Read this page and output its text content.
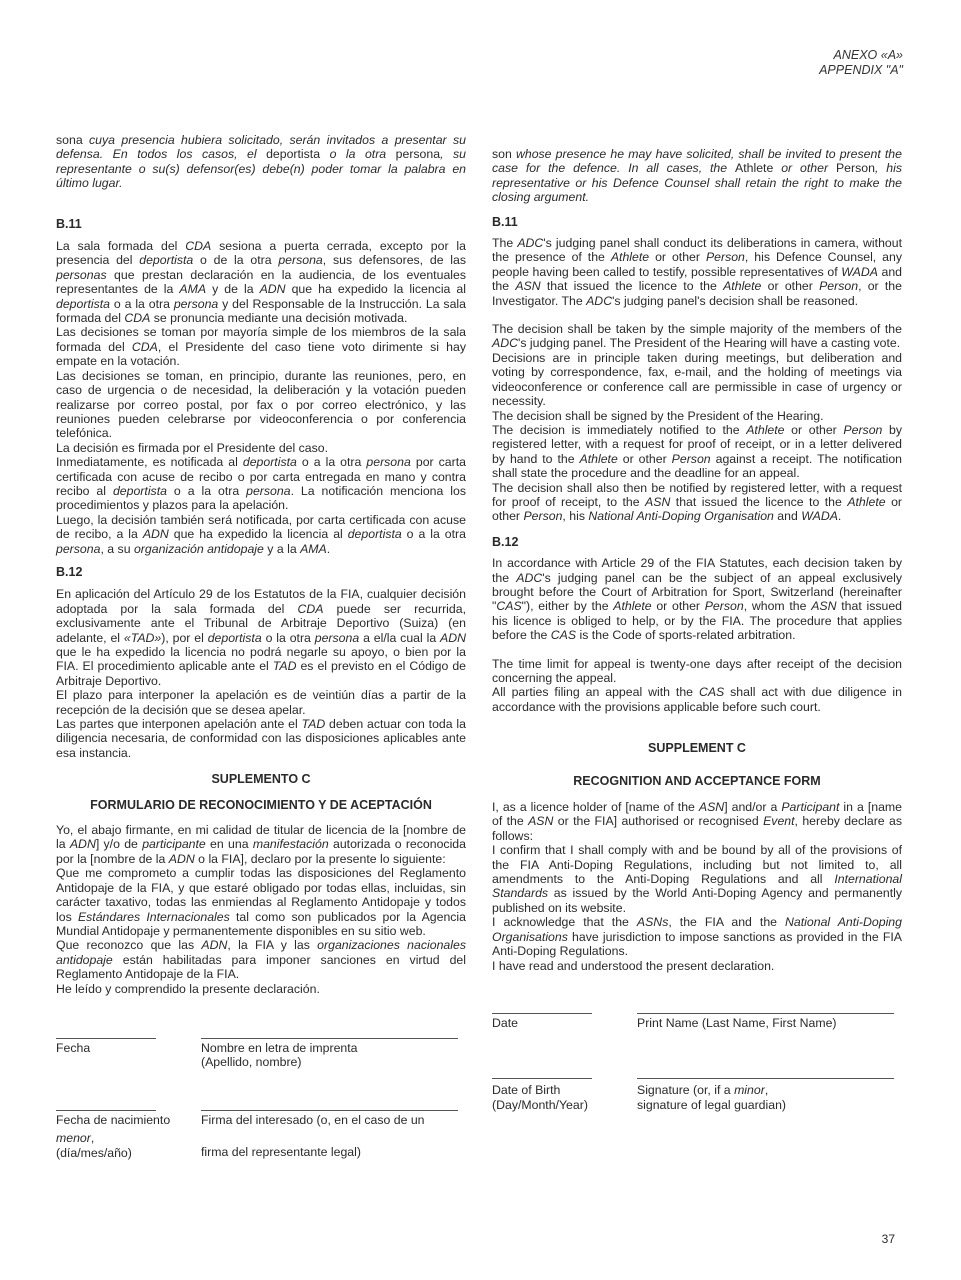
ANEXO «A»
APPENDIX "A"

sona cuya presencia hubiera solicitado, serán invitados a presentar su defensa. En todos los casos, el deportista o la otra persona, su representante o su(s) defensor(es) debe(n) poder tomar la palabra en último lugar.

B.11

La sala formada del CDA sesiona a puerta cerrada, excepto por la presencia del deportista o de la otra persona, sus defensores, de las personas que prestan declaración en la audiencia, de los eventuales representantes de la AMA y de la ADN que ha expedido la licencia al deportista o a la otra persona y del Responsable de la Instrucción. La sala formada del CDA se pronuncia mediante una decisión motivada.

Las decisiones se toman por mayoría simple de los miembros de la sala formada del CDA, el Presidente del caso tiene voto dirimente si hay empate en la votación.

Las decisiones se toman, en principio, durante las reuniones, pero, en caso de urgencia o de necesidad, la deliberación y la votación pueden realizarse por correo postal, por fax o por correo electrónico, y las reuniones pueden celebrarse por videoconferencia o por conferencia telefónica.

La decisión es firmada por el Presidente del caso.

Inmediatamente, es notificada al deportista o a la otra persona por carta certificada con acuse de recibo o por carta entregada en mano y contra recibo al deportista o a la otra persona. La notificación menciona los procedimientos y plazos para la apelación.

Luego, la decisión también será notificada, por carta certificada con acuse de recibo, a la ADN que ha expedido la licencia al deportista o a la otra persona, a su organización antidopaje y a la AMA.

B.12

En aplicación del Artículo 29 de los Estatutos de la FIA, cualquier decisión adoptada por la sala formada del CDA puede ser recurrida, exclusivamente ante el Tribunal de Arbitraje Deportivo (Suiza) (en adelante, el «TAD»), por el deportista o la otra persona a el/la cual la ADN que le ha expedido la licencia no podrá negarle su apoyo, o bien por la FIA. El procedimiento aplicable ante el TAD es el previsto en el Código de Arbitraje Deportivo.

El plazo para interponer la apelación es de veintiún días a partir de la recepción de la decisión que se desea apelar.

Las partes que interponen apelación ante el TAD deben actuar con toda la diligencia necesaria, de conformidad con las disposiciones aplicables ante esa instancia.

SUPLEMENTO C
FORMULARIO DE RECONOCIMIENTO Y DE ACEPTACIÓN

Yo, el abajo firmante, en mi calidad de titular de licencia de la [nombre de la ADN] y/o de participante en una manifestación autorizada o reconocida por la [nombre de la ADN o la FIA], declaro por la presente lo siguiente:

Que me comprometo a cumplir todas las disposiciones del Reglamento Antidopaje de la FIA, y que estaré obligado por todas ellas, incluidas, sin carácter taxativo, todas las enmiendas al Reglamento Antidopaje y todos los Estándares Internacionales tal como son publicados por la Agencia Mundial Antidopaje y permanentemente disponibles en su sitio web.

Que reconozco que las ADN, la FIA y las organizaciones nacionales antidopaje están habilitadas para imponer sanciones en virtud del Reglamento Antidopaje de la FIA.

He leído y comprendido la presente declaración.

Fecha	Nombre en letra de imprenta
(Apellido, nombre)
Fecha de nacimiento
menor,
(día/mes/año)
Firma del interesado (o, en el caso de un
firma del representante legal)

son whose presence he may have solicited, shall be invited to present the case for the defence. In all cases, the Athlete or other Person, his representative or his Defence Counsel shall retain the right to make the closing argument.

B.11

The ADC's judging panel shall conduct its deliberations in camera, without the presence of the Athlete or other Person, his Defence Counsel, any people having been called to testify, possible representatives of WADA and the ASN that issued the licence to the Athlete or other Person, or the Investigator. The ADC's judging panel's decision shall be reasoned.

The decision shall be taken by the simple majority of the members of the ADC's judging panel. The President of the Hearing will have a casting vote.

Decisions are in principle taken during meetings, but deliberation and voting by correspondence, fax, e-mail, and the holding of meetings via videoconference or conference call are permissible in case of urgency or necessity.

The decision shall be signed by the President of the Hearing.

The decision is immediately notified to the Athlete or other Person by registered letter, with a request for proof of receipt, or in a letter delivered by hand to the Athlete or other Person against a receipt. The notification shall state the procedure and the deadline for an appeal.

The decision shall also then be notified by registered letter, with a request for proof of receipt, to the ASN that issued the licence to the Athlete or other Person, his National Anti-Doping Organisation and WADA.

B.12

In accordance with Article 29 of the FIA Statutes, each decision taken by the ADC's judging panel can be the subject of an appeal exclusively brought before the Court of Arbitration for Sport, Switzerland (hereinafter "CAS"), either by the Athlete or other Person, whom the ASN that issued his licence is obliged to help, or by the FIA. The procedure that applies before the CAS is the Code of sports-related arbitration.

The time limit for appeal is twenty-one days after receipt of the decision concerning the appeal.

All parties filing an appeal with the CAS shall act with due diligence in accordance with the provisions applicable before such court.

SUPPLEMENT C
RECOGNITION AND ACCEPTANCE FORM

I, as a licence holder of [name of the ASN] and/or a Participant in a [name of the ASN or the FIA] authorised or recognised Event, hereby declare as follows:

I confirm that I shall comply with and be bound by all of the provisions of the FIA Anti-Doping Regulations, including but not limited to, all amendments to the Anti-Doping Regulations and all International Standards as issued by the World Anti-Doping Agency and permanently published on its website.

I acknowledge that the ASNs, the FIA and the National Anti-Doping Organisations have jurisdiction to impose sanctions as provided in the FIA Anti-Doping Regulations.

I have read and understood the present declaration.

Date	Print Name (Last Name, First Name)
Date of Birth
(Day/Month/Year)
Signature (or, if a minor,
signature of legal guardian)
37
